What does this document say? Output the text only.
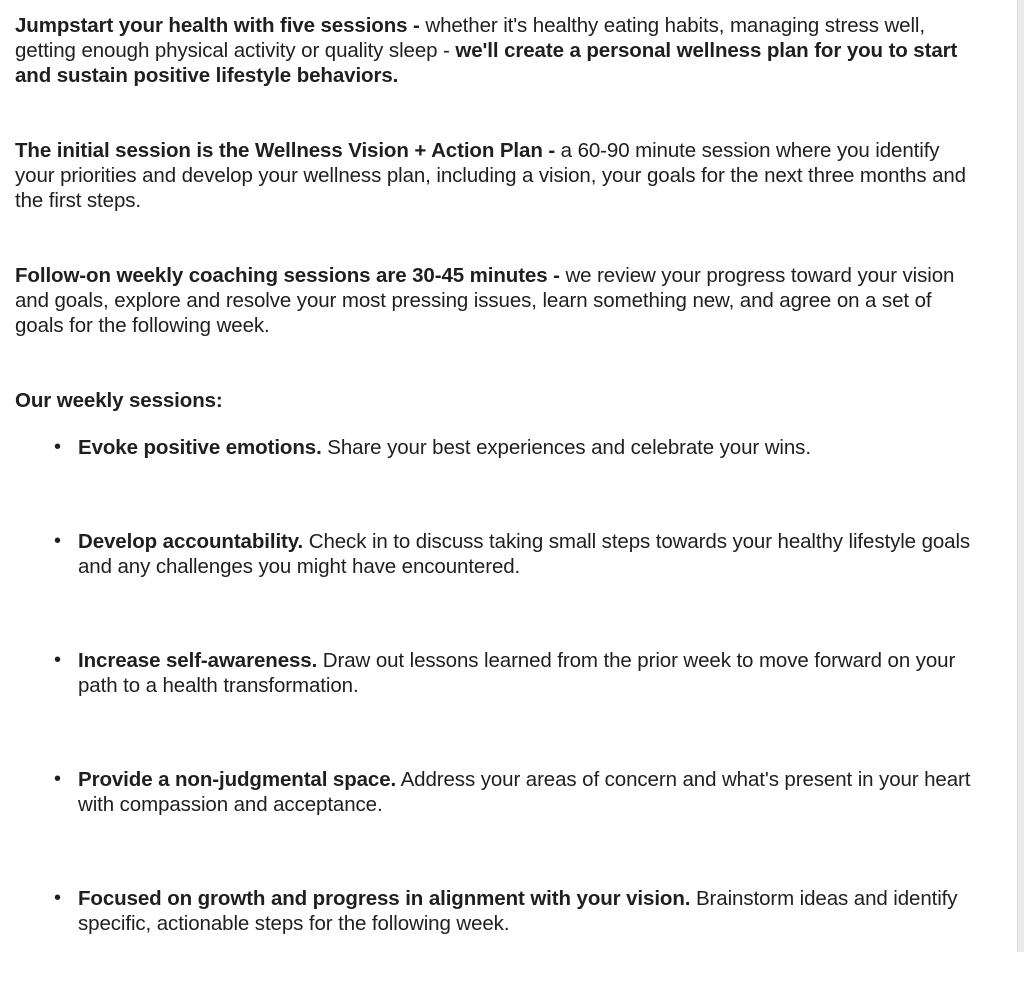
Jumpstart your health with five sessions - whether it's healthy eating habits, managing stress well, getting enough physical activity or quality sleep - we'll create a personal wellness plan for you to start and sustain positive lifestyle behaviors.

The initial session is the Wellness Vision + Action Plan - a 60-90 minute session where you identify your priorities and develop your wellness plan, including a vision, your goals for the next three months and the first steps.

Follow-on weekly coaching sessions are 30-45 minutes - we review your progress toward your vision and goals, explore and resolve your most pressing issues, learn something new, and agree on a set of goals for the following week.

Our weekly sessions:

• Evoke positive emotions. Share your best experiences and celebrate your wins.
• Develop accountability. Check in to discuss taking small steps towards your healthy lifestyle goals and any challenges you might have encountered.
• Increase self-awareness. Draw out lessons learned from the prior week to move forward on your path to a health transformation.
• Provide a non-judgmental space. Address your areas of concern and what's present in your heart with compassion and acceptance.
• Focused on growth and progress in alignment with your vision. Brainstorm ideas and identify specific, actionable steps for the following week.
